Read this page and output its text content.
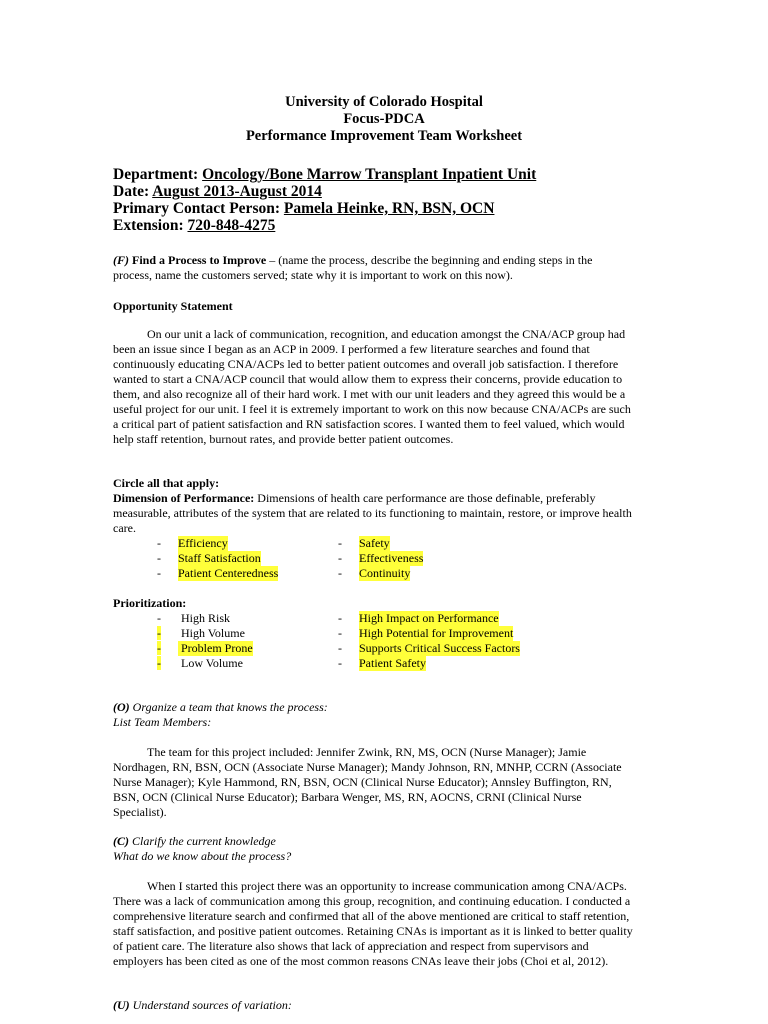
University of Colorado Hospital
Focus-PDCA
Performance Improvement Team Worksheet
Department: Oncology/Bone Marrow Transplant Inpatient Unit
Date: August 2013-August 2014
Primary Contact Person: Pamela Heinke, RN, BSN, OCN
Extension: 720-848-4275

(F) Find a Process to Improve – (name the process, describe the beginning and ending steps in the process, name the customers served; state why it is important to work on this now).

Opportunity Statement

On our unit a lack of communication, recognition, and education amongst the CNA/ACP group had been an issue since I began as an ACP in 2009. I performed a few literature searches and found that continuously educating CNA/ACPs led to better patient outcomes and overall job satisfaction. I therefore wanted to start a CNA/ACP council that would allow them to express their concerns, provide education to them, and also recognize all of their hard work. I met with our unit leaders and they agreed this would be a useful project for our unit. I feel it is extremely important to work on this now because CNA/ACPs are such a critical part of patient satisfaction and RN satisfaction scores. I wanted them to feel valued, which would help staff retention, burnout rates, and provide better patient outcomes.

Circle all that apply:

Dimension of Performance: Dimensions of health care performance are those definable, preferably measurable, attributes of the system that are related to its functioning to maintain, restore, or improve health care.

-	Efficiency	-	Safety
-	Staff Satisfaction	-	Effectiveness
-	Patient Centeredness	-	Continuity

Prioritization:

-	High Risk	-	High Impact on Performance
-	High Volume	-	High Potential for Improvement
-	Problem Prone	-	Supports Critical Success Factors
-	Low Volume	-	Patient Safety

(O) Organize a team that knows the process:

List Team Members:

The team for this project included: Jennifer Zwink, RN, MS, OCN (Nurse Manager); Jamie Nordhagen, RN, BSN, OCN (Associate Nurse Manager); Mandy Johnson, RN, MNHP, CCRN (Associate Nurse Manager); Kyle Hammond, RN, BSN, OCN (Clinical Nurse Educator); Annsley Buffington, RN, BSN, OCN (Clinical Nurse Educator); Barbara Wenger, MS, RN, AOCNS, CRNI (Clinical Nurse Specialist).

(C) Clarify the current knowledge

What do we know about the process?

When I started this project there was an opportunity to increase communication among CNA/ACPs. There was a lack of communication among this group, recognition, and continuing education. I conducted a comprehensive literature search and confirmed that all of the above mentioned are critical to staff retention, staff satisfaction, and positive patient outcomes. Retaining CNAs is important as it is linked to better quality of patient care. The literature also shows that lack of appreciation and respect from supervisors and employers has been cited as one of the most common reasons CNAs leave their jobs (Choi et al, 2012).

(U) Understand sources of variation:
